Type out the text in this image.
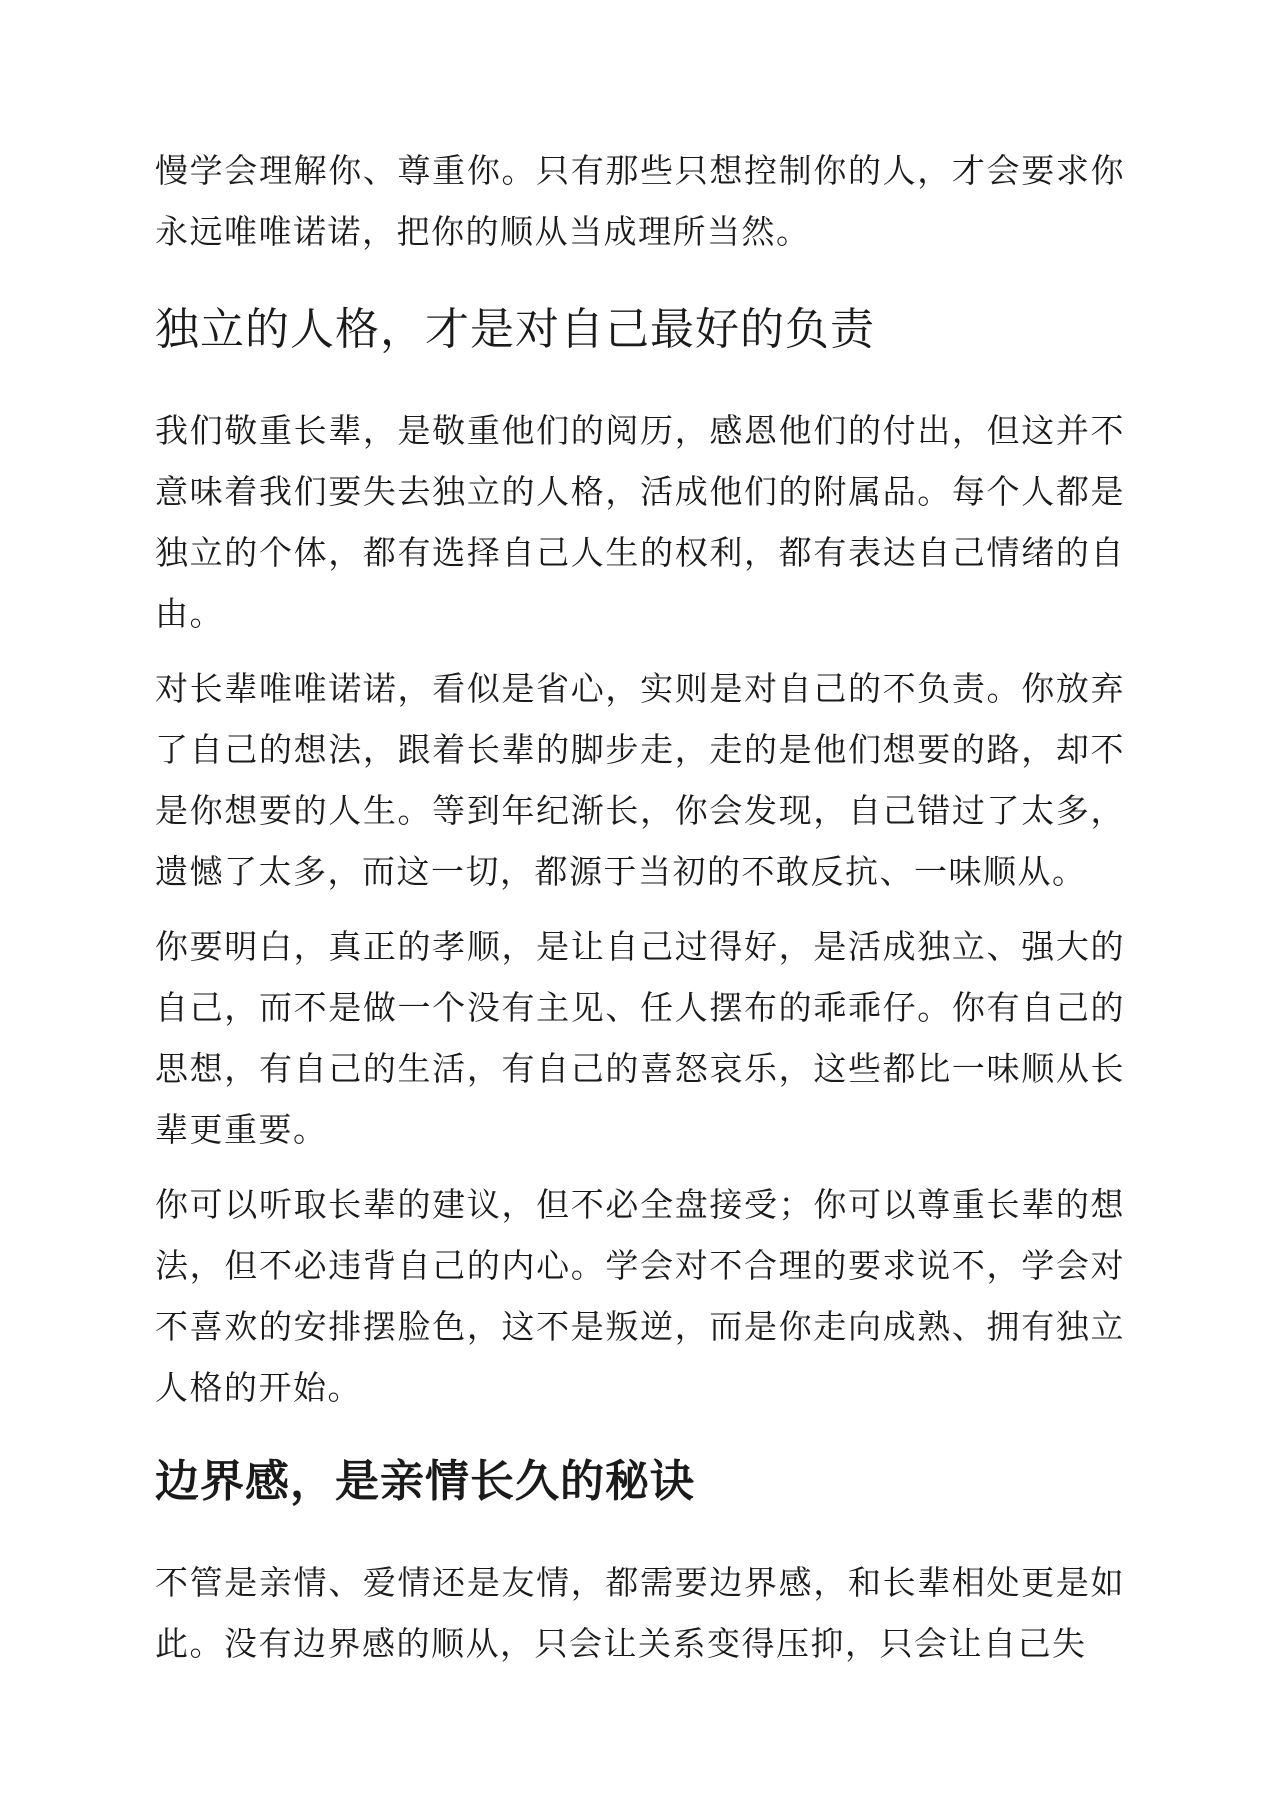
慢学会理解你、尊重你。只有那些只想控制你的人，才会要求你永远唯唯诺诺，把你的顺从当成理所当然。

独立的人格，才是对自己最好的负责

我们敬重长辈，是敬重他们的阅历，感恩他们的付出，但这并不意味着我们要失去独立的人格，活成他们的附属品。每个人都是独立的个体，都有选择自己人生的权利，都有表达自己情绪的自由。

对长辈唯唯诺诺，看似是省心，实则是对自己的不负责。你放弃了自己的想法，跟着长辈的脚步走，走的是他们想要的路，却不是你想要的人生。等到年纪渐长，你会发现，自己错过了太多，遗憾了太多，而这一切，都源于当初的不敢反抗、一味顺从。

你要明白，真正的孝顺，是让自己过得好，是活成独立、强大的自己，而不是做一个没有主见、任人摆布的乖乖仔。你有自己的思想，有自己的生活，有自己的喜怒哀乐，这些都比一味顺从长辈更重要。

你可以听取长辈的建议，但不必全盘接受；你可以尊重长辈的想法，但不必违背自己的内心。学会对不合理的要求说不，学会对不喜欢的安排摆脸色，这不是叛逆，而是你走向成熟、拥有独立人格的开始。

边界感，是亲情长久的秘诀

不管是亲情、爱情还是友情，都需要边界感，和长辈相处更是如此。没有边界感的顺从，只会让关系变得压抑，只会让自己失
